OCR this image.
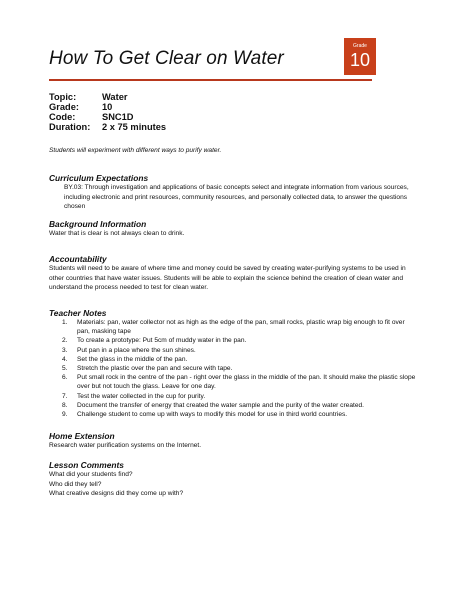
How To Get Clear on Water
Grade
10
Topic:	Water
Grade:	10
Code:	SNC1D
Duration:	2 x 75 minutes
Students will experiment with different ways to purify water.
Curriculum Expectations
BY.03: Through investigation and applications of basic concepts select and integrate information from various sources, including electronic and print resources, community resources, and personally collected data, to answer the questions chosen
Background Information
Water that is clear is not always clean to drink.
Accountability
Students will need to be aware of where time and money could be saved by creating water-purifying systems to be used in other countries that have water issues. Students will be able to explain the science behind the creation of clean water and understand the process needed to test for clean water.
Teacher Notes
1.	Materials: pan, water collector not as high as the edge of the pan, small rocks, plastic wrap big enough to fit over pan, masking tape
2.	To create a prototype: Put 5cm of muddy water in the pan.
3.	Put pan in a place where the sun shines.
4.	Set the glass in the middle of the pan.
5.	Stretch the plastic over the pan and secure with tape.
6.	Put small rock in the centre of the pan - right over the glass in the middle of the pan. It should make the plastic slope over but not touch the glass. Leave for one day.
7.	Test the water collected in the cup for purity.
8.	Document the transfer of energy that created the water sample and the purity of the water created.
9.	Challenge student to come up with ways to modify this model for use in third world countries.
Home Extension
Research water purification systems on the Internet.
Lesson Comments
What did your students find?
Who did they tell?
What creative designs did they come up with?
